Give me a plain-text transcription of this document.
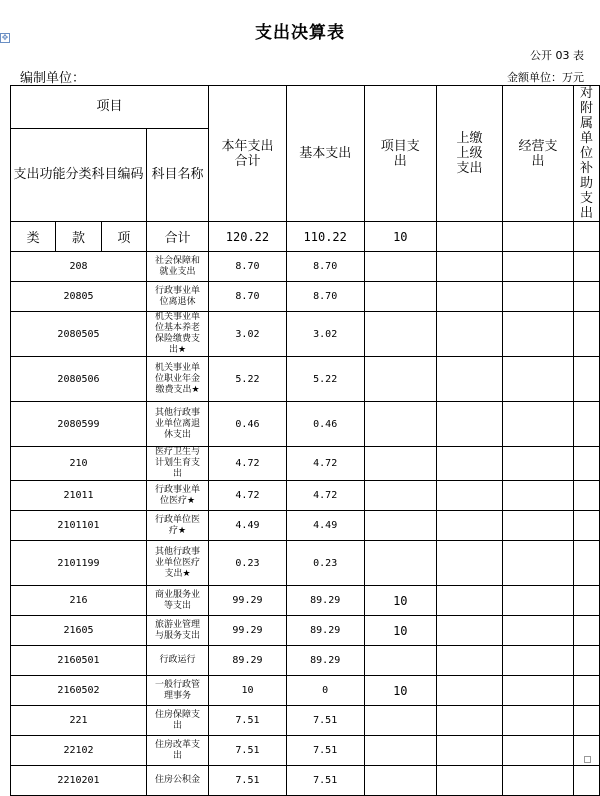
✥	支出决算表
公开 03 表
编制单位：	金额单位：万元
项目				本年支出合计	基本支出	项目支出	上缴上级支出	经营支出	对附属单位补助支出
支出功能分类科目编码			科目名称						
类	款	项	合计	120.22	110.22	10			
208			社会保障和就业支出	8.70	8.70				
20805			行政事业单位离退休	8.70	8.70				
2080505			机关事业单位基本养老保险缴费支出★	3.02	3.02				
2080506			机关事业单位职业年金缴费支出★	5.22	5.22				
2080599			其他行政事业单位离退休支出	0.46	0.46				
210			医疗卫生与计划生育支出	4.72	4.72				
21011			行政事业单位医疗★	4.72	4.72				
2101101			行政单位医疗★	4.49	4.49				
2101199			其他行政事业单位医疗支出★	0.23	0.23				
216			商业服务业等支出	99.29	89.29	10			
21605			旅游业管理与服务支出	99.29	89.29	10			
2160501			行政运行	89.29	89.29				
2160502			一般行政管理事务	10	0	10			
221			住房保障支出	7.51	7.51				
22102			住房改革支出	7.51	7.51				
2210201			住房公积金	7.51	7.51				
